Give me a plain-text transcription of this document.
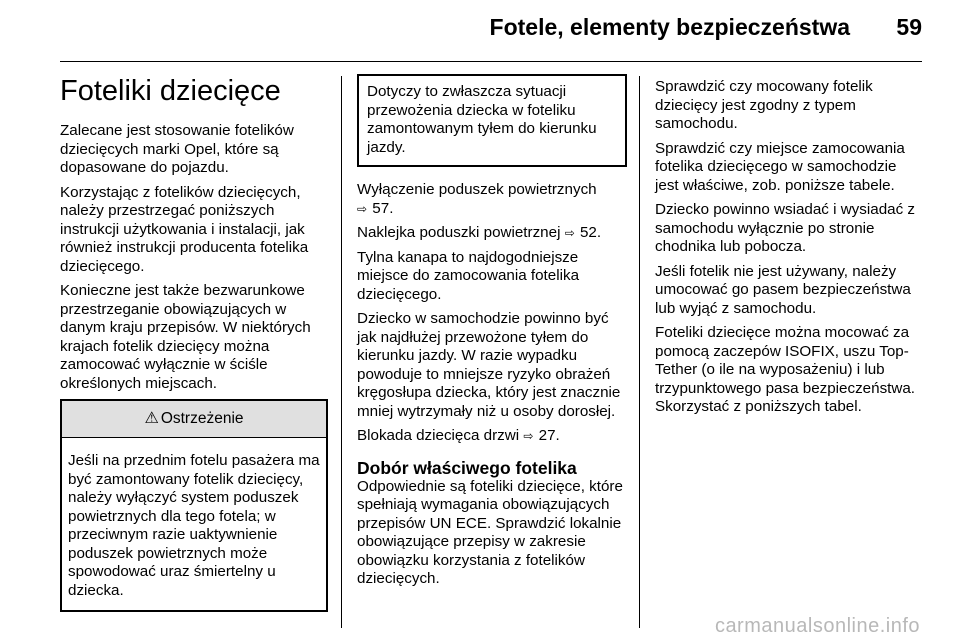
Fotele, elementy bezpieczeństwa 59
Foteliki dziecięce

Zalecane jest stosowanie fotelików dziecięcych marki Opel, które są dopasowane do pojazdu.

Korzystając z fotelików dziecięcych, należy przestrzegać poniższych instrukcji użytkowania i instalacji, jak również instrukcji producenta fotelika dziecięcego.

Konieczne jest także bezwarunkowe przestrzeganie obowiązujących w danym kraju przepisów. W niektórych krajach fotelik dziecięcy można zamocować wyłącznie w ściśle określonych miejscach.

⚠ Ostrzeżenie
Jeśli na przednim fotelu pasażera ma być zamontowany fotelik dziecięcy, należy wyłączyć system poduszek powietrznych dla tego fotela; w przeciwnym razie uaktywnienie poduszek powietrznych może spowodować uraz śmiertelny u dziecka.
Dotyczy to zwłaszcza sytuacji przewożenia dziecka w foteliku zamontowanym tyłem do kierunku jazdy.

Wyłączenie poduszek powietrznych ⇨ 57.

Naklejka poduszki powietrznej ⇨ 52.

Tylna kanapa to najdogodniejsze miejsce do zamocowania fotelika dziecięcego.

Dziecko w samochodzie powinno być jak najdłużej przewożone tyłem do kierunku jazdy. W razie wypadku powoduje to mniejsze ryzyko obrażeń kręgosłupa dziecka, który jest znacznie mniej wytrzymały niż u osoby dorosłej.

Blokada dziecięca drzwi ⇨ 27.

Dobór właściwego fotelika

Odpowiednie są foteliki dziecięce, które spełniają wymagania obowiązujących przepisów UN ECE. Sprawdzić lokalnie obowiązujące przepisy w zakresie obowiązku korzystania z fotelików dziecięcych.

Sprawdzić czy mocowany fotelik dziecięcy jest zgodny z typem samochodu.

Sprawdzić czy miejsce zamocowania fotelika dziecięcego w samochodzie jest właściwe, zob. poniższe tabele.

Dziecko powinno wsiadać i wysiadać z samochodu wyłącznie po stronie chodnika lub pobocza.

Jeśli fotelik nie jest używany, należy umocować go pasem bezpieczeństwa lub wyjąć z samochodu.

Foteliki dziecięce można mocować za pomocą zaczepów ISOFIX, uszu Top-Tether (o ile na wyposażeniu) i lub trzypunktowego pasa bezpieczeństwa. Skorzystać z poniższych tabel.

carmanualsonline.info
